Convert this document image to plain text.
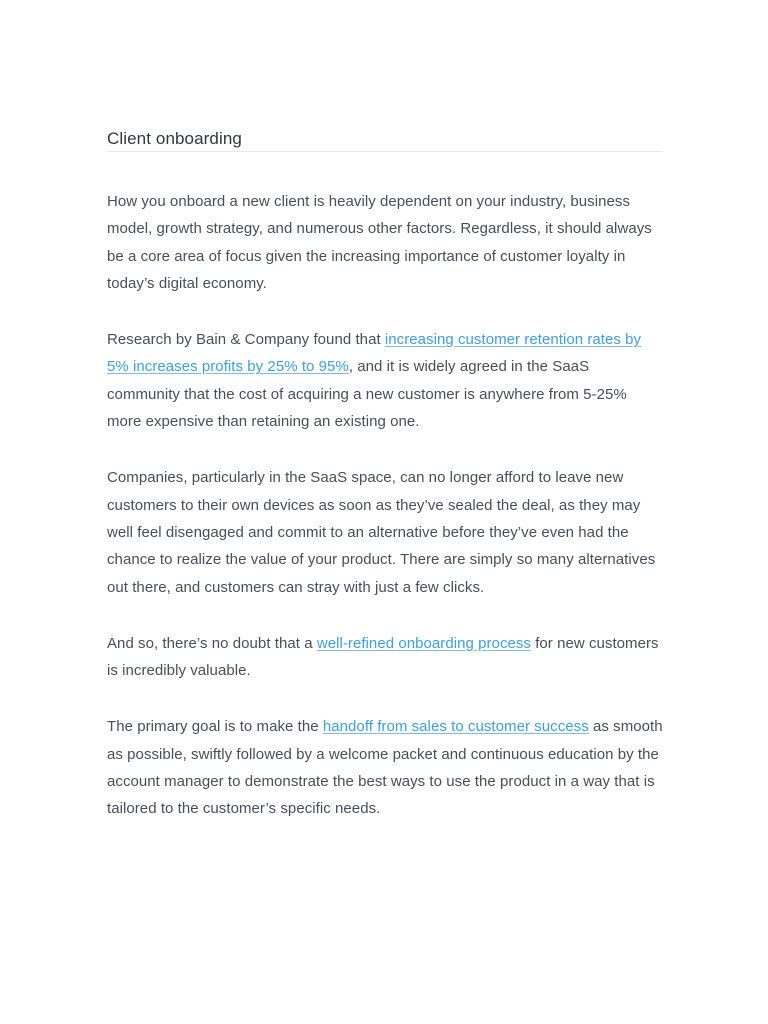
Client onboarding

How you onboard a new client is heavily dependent on your industry, business model, growth strategy, and numerous other factors. Regardless, it should always be a core area of focus given the increasing importance of customer loyalty in today’s digital economy.

Research by Bain & Company found that increasing customer retention rates by 5% increases profits by 25% to 95%, and it is widely agreed in the SaaS community that the cost of acquiring a new customer is anywhere from 5-25% more expensive than retaining an existing one.

Companies, particularly in the SaaS space, can no longer afford to leave new customers to their own devices as soon as they’ve sealed the deal, as they may well feel disengaged and commit to an alternative before they’ve even had the chance to realize the value of your product. There are simply so many alternatives out there, and customers can stray with just a few clicks.

And so, there’s no doubt that a well-refined onboarding process for new customers is incredibly valuable.

The primary goal is to make the handoff from sales to customer success as smooth as possible, swiftly followed by a welcome packet and continuous education by the account manager to demonstrate the best ways to use the product in a way that is tailored to the customer’s specific needs.
